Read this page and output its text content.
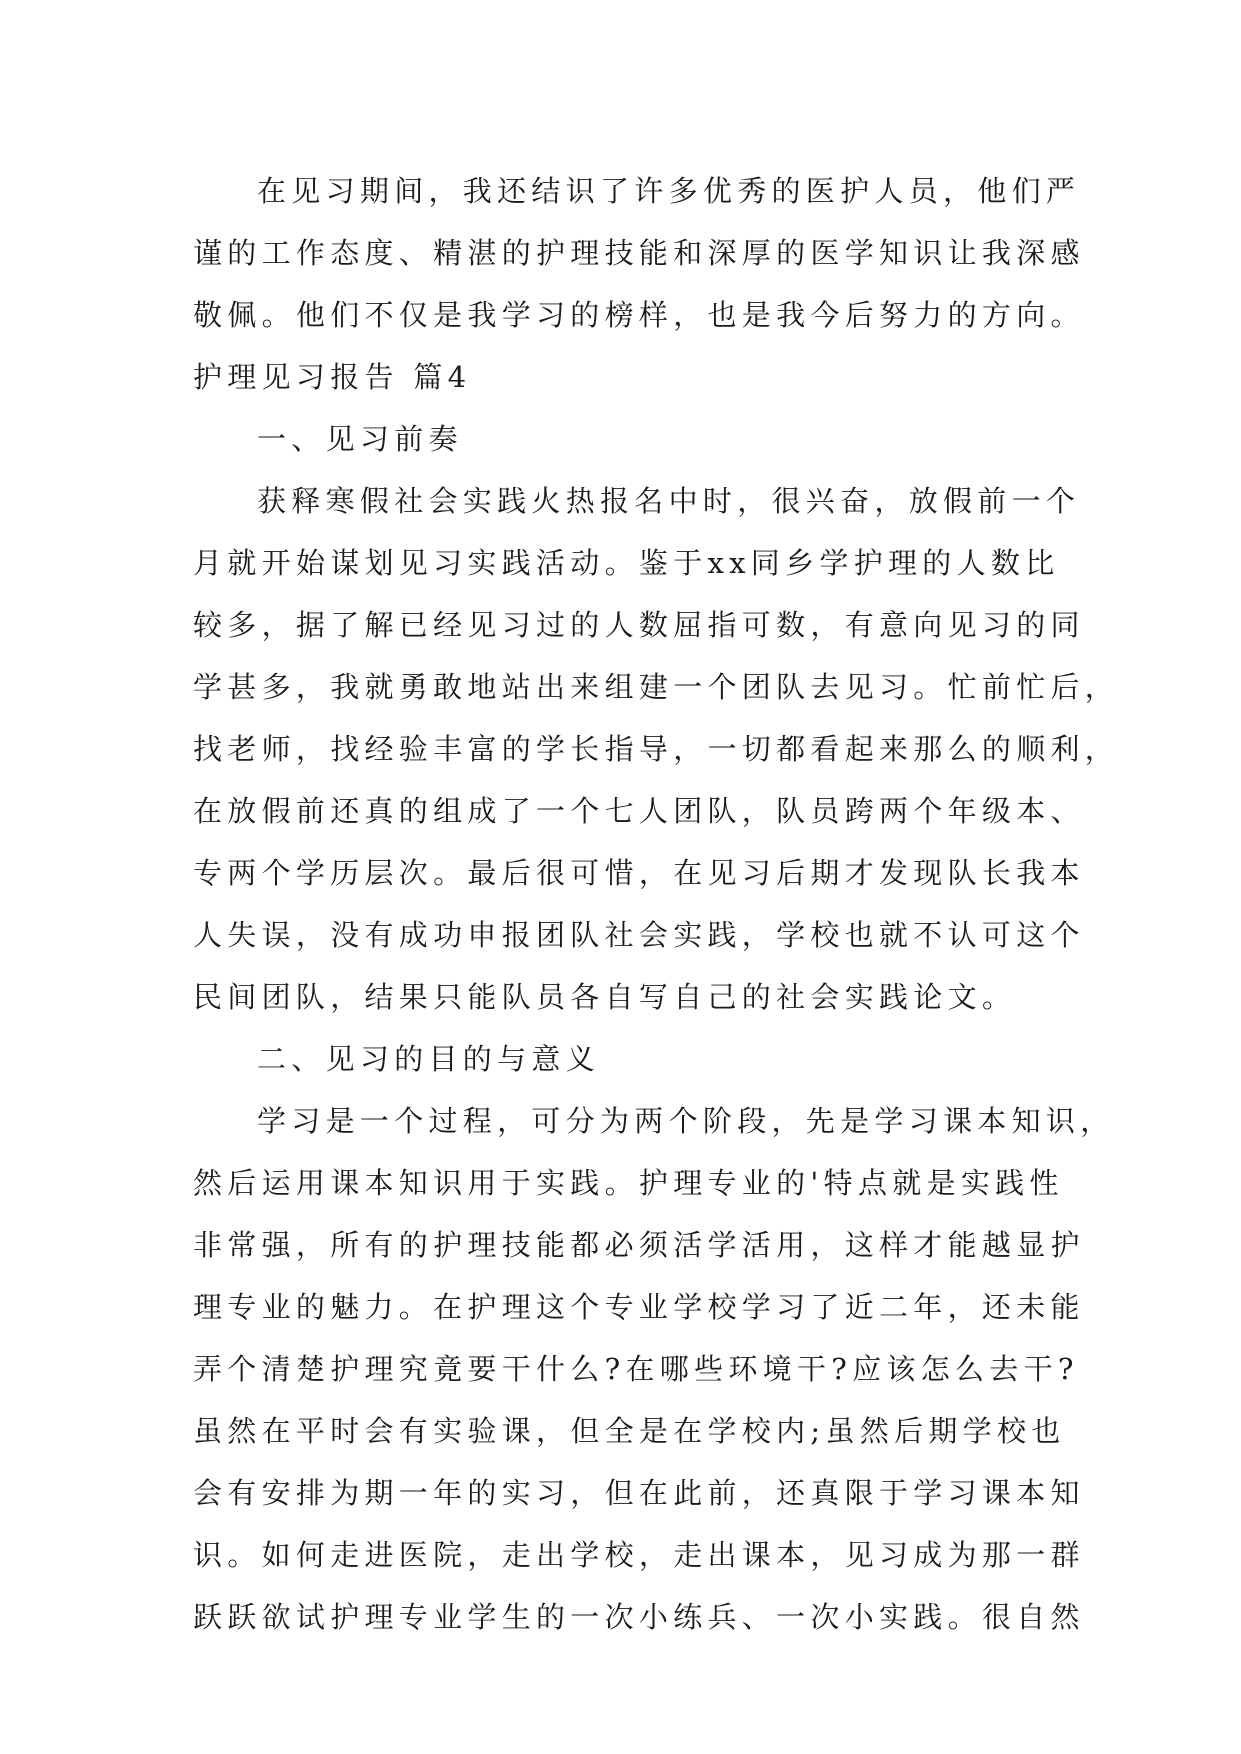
在见习期间，我还结识了许多优秀的医护人员，他们严
谨的工作态度、精湛的护理技能和深厚的医学知识让我深感
敬佩。他们不仅是我学习的榜样，也是我今后努力的方向。
护理见习报告 篇4
一、见习前奏
获释寒假社会实践火热报名中时，很兴奋，放假前一个
月就开始谋划见习实践活动。鉴于xx同乡学护理的人数比
较多，据了解已经见习过的人数屈指可数，有意向见习的同
学甚多，我就勇敢地站出来组建一个团队去见习。忙前忙后，
找老师，找经验丰富的学长指导，一切都看起来那么的顺利，
在放假前还真的组成了一个七人团队，队员跨两个年级本、
专两个学历层次。最后很可惜，在见习后期才发现队长我本
人失误，没有成功申报团队社会实践，学校也就不认可这个
民间团队，结果只能队员各自写自己的社会实践论文。
二、见习的目的与意义
学习是一个过程，可分为两个阶段，先是学习课本知识，
然后运用课本知识用于实践。护理专业的'特点就是实践性
非常强，所有的护理技能都必须活学活用，这样才能越显护
理专业的魅力。在护理这个专业学校学习了近二年，还未能
弄个清楚护理究竟要干什么?在哪些环境干?应该怎么去干?
虽然在平时会有实验课，但全是在学校内;虽然后期学校也
会有安排为期一年的实习，但在此前，还真限于学习课本知
识。如何走进医院，走出学校，走出课本，见习成为那一群
跃跃欲试护理专业学生的一次小练兵、一次小实践。很自然
